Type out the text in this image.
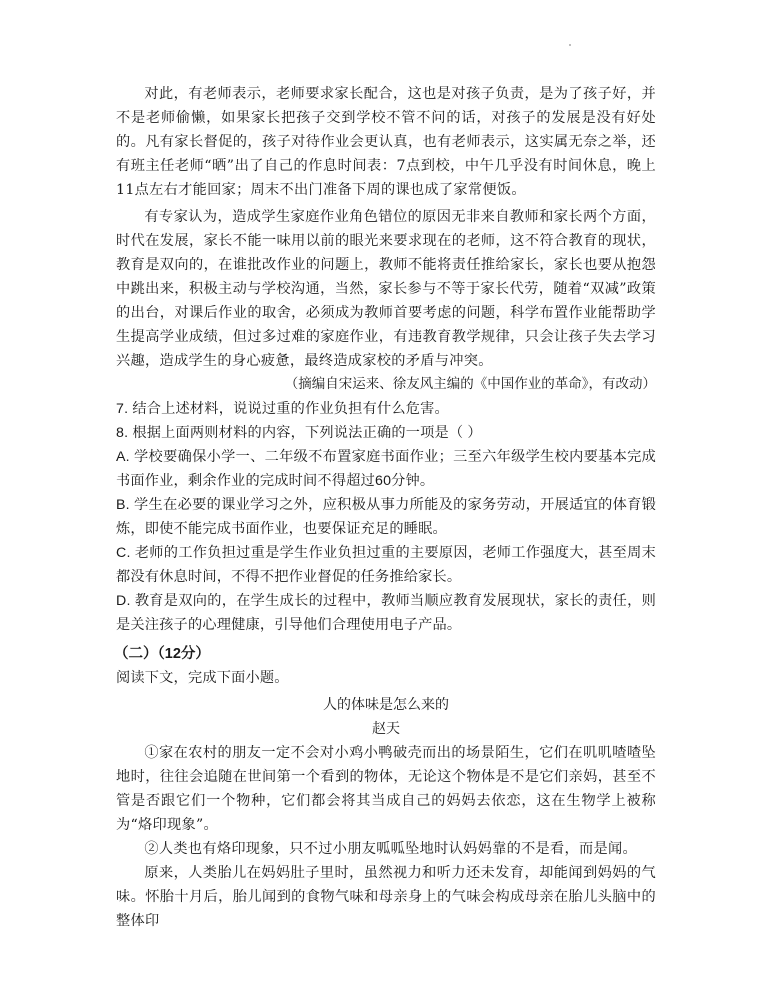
对此，有老师表示，老师要求家长配合，这也是对孩子负责，是为了孩子好，并不是老师偷懒，如果家长把孩子交到学校不管不问的话，对孩子的发展是没有好处的。凡有家长督促的，孩子对待作业会更认真，也有老师表示，这实属无奈之举，还有班主任老师“晒”出了自己的作息时间表：7点到校，中午几乎没有时间休息，晚上11点左右才能回家；周末不出门准备下周的课也成了家常便饭。

有专家认为，造成学生家庭作业角色错位的原因无非来自教师和家长两个方面，时代在发展，家长不能一味用以前的眼光来要求现在的老师，这不符合教育的现状，教育是双向的，在谁批改作业的问题上，教师不能将责任推给家长，家长也要从抱怨中跳出来，积极主动与学校沟通，当然，家长参与不等于家长代劳，随着“双减”政策的出台，对课后作业的取舍，必须成为教师首要考虑的问题，科学布置作业能帮助学生提高学业成绩，但过多过难的家庭作业，有违教育教学规律，只会让孩子失去学习兴趣，造成学生的身心疲惫，最终造成家校的矛盾与冲突。

（摘编自宋运来、徐友风主编的《中国作业的革命》，有改动）

7. 结合上述材料，说说过重的作业负担有什么危害。

8. 根据上面两则材料的内容，下列说法正确的一项是（ ）

A. 学校要确保小学一、二年级不布置家庭书面作业；三至六年级学生校内要基本完成书面作业，剩余作业的完成时间不得超过60分钟。

B. 学生在必要的课业学习之外，应积极从事力所能及的家务劳动，开展适宜的体育锻炼，即使不能完成书面作业，也要保证充足的睡眠。

C. 老师的工作负担过重是学生作业负担过重的主要原因，老师工作强度大，甚至周末都没有休息时间，不得不把作业督促的任务推给家长。

D. 教育是双向的，在学生成长的过程中，教师当顺应教育发展现状，家长的责任，则是关注孩子的心理健康，引导他们合理使用电子产品。

（二）（12分）

阅读下文，完成下面小题。

人的体味是怎么来的
赵天

①家在农村的朋友一定不会对小鸡小鸭破壳而出的场景陌生，它们在叽叽喳喳坠地时，往往会追随在世间第一个看到的物体，无论这个物体是不是它们亲妈，甚至不管是否跟它们一个物种，它们都会将其当成自己的妈妈去依恋，这在生物学上被称为“烙印现象”。

②人类也有烙印现象，只不过小朋友呱呱坠地时认妈妈靠的不是看，而是闻。

原来，人类胎儿在妈妈肚子里时，虽然视力和听力还未发育，却能闻到妈妈的气味。怀胎十月后，胎儿闻到的食物气味和母亲身上的气味会构成母亲在胎儿头脑中的整体印
